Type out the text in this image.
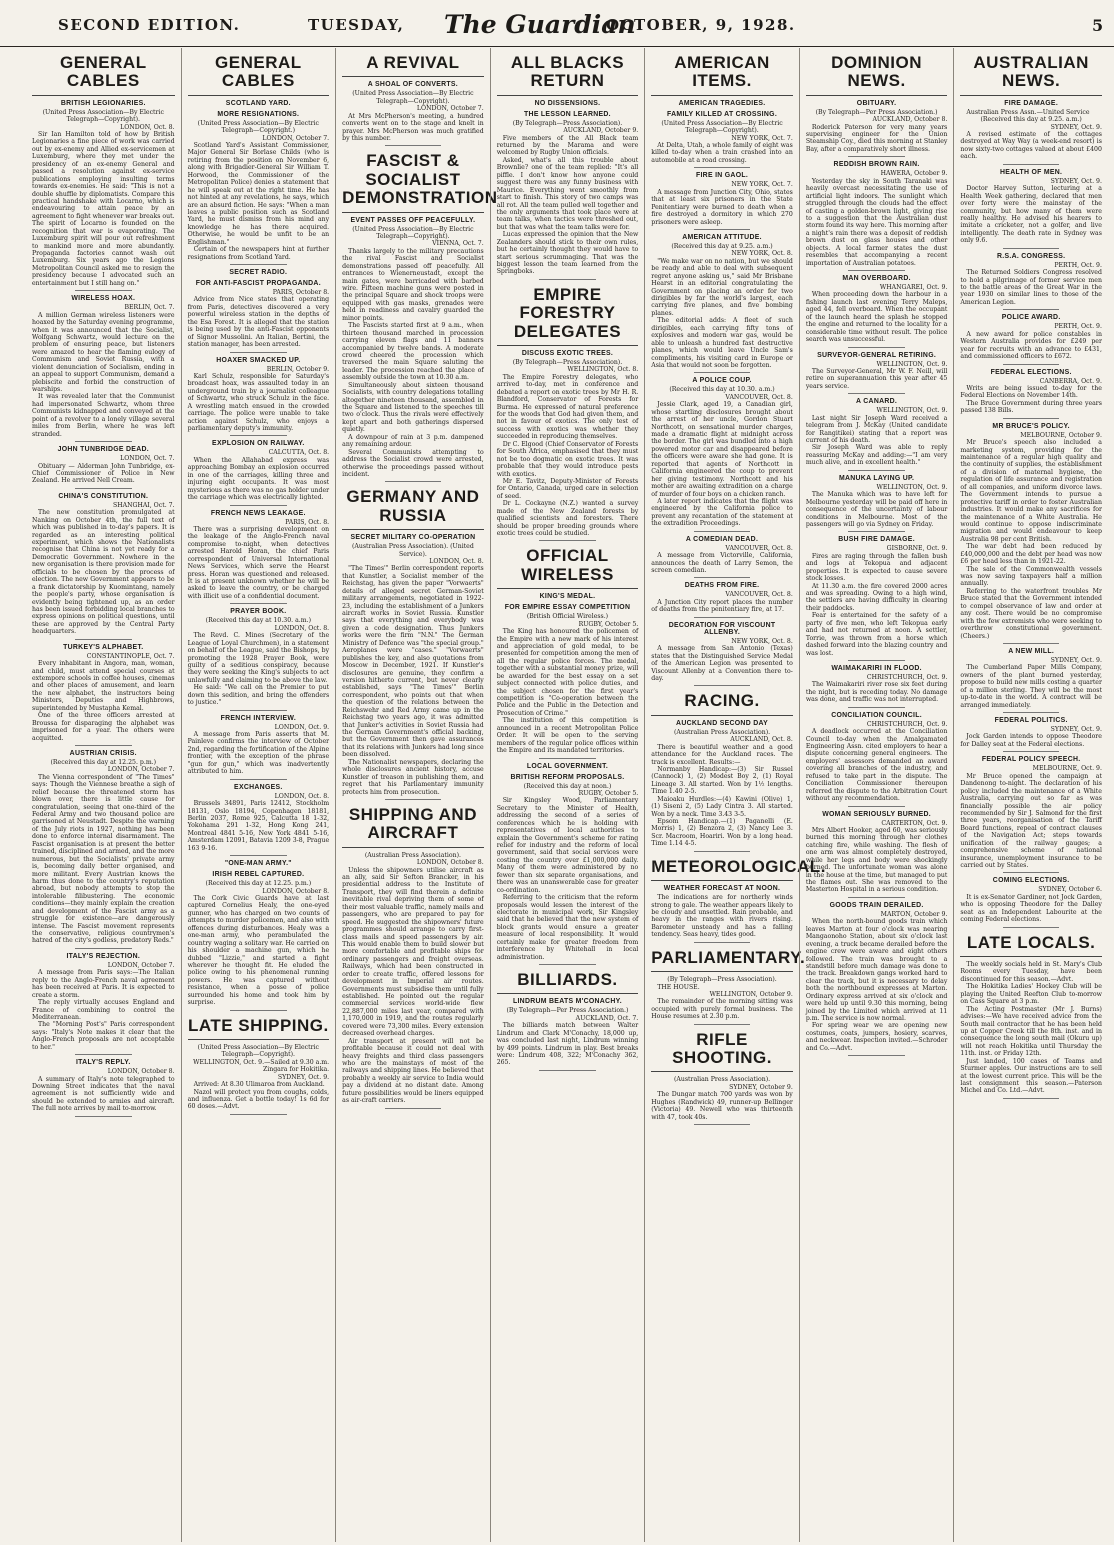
SECOND EDITION.	TUESDAY, The Guardian
OCTOBER, 9, 1928.	5
GENERAL CABLES
BRITISH LEGIONARIES.

(United Press Association—By Electric Telegraph—Copyright).

LONDON, Oct. 8.

Sir Ian Hamilton told of how by British Legionaries a fine piece of work was carried out by ex-enemy and Allied ex-servicemen at Luxemburg, where they met under the presidency of an ex-enemy General and passed a resolution against ex-service publications employing insulting terms towards ex-enemies. He said: "This is not a double shuffle by diplomatists. Compare this practical handshake with Locarno, which is endeavouring to attain peace by an agreement to fight whenever war breaks out. The spirit of Locarno is founded on the recognition that war is evaporating. The Luxemburg spirit will pour out refreshment to mankind more and more abundantly. Propaganda factories cannot wash out Luxemburg. Six years ago the Legions Metropolitan Council asked me to resign the presidency because I advocated such an entertainment but I still hang on."

WIRELESS HOAX.

BERLIN, Oct. 7.

A million German wireless listeners were hoaxed by the Saturday evening programme, when it was announced that the Socialist, Wolfgang Schwartz, would lecture on the problem of ensuring peace, but listeners were amazed to hear the flaming eulogy of Communism and Soviet Russia, with a violent denunciation of Socialism, ending in an appeal to support Communism, demand a plebiscite and forbid the construction of warships.

It was revealed later that the Communist had impersonated Schwartz, whom three Communists kidnapped and conveyed at the point of a revolver to a lonely village several miles from Berlin, where he was left stranded.

JOHN TUNBRIDGE DEAD.

LONDON, Oct. 7.

Obituary — Alderman John Tunbridge, ex-Chief Commissioner of Police in New Zealand. He arrived Nell Cream.

CHINA'S CONSTITUTION.

SHANGHAI, Oct. 7.

The new constitution promulgated at Nanking on October 4th, the full text of which was published in to-day's papers. It is regarded as an interesting political experiment, which shows the Nationalists recognise that China is not yet ready for a Democratic Government. Nowhere in the new organisation is there provision made for officials to be chosen by the process of election. The new Government appears to be a frank dictatorship by Kuomintang, namely the people's party, whose organisation is evidently being tightened up, as an order has been issued forbidding local branches to express opinions on political questions, until these are approved by the Central Party headquarters.

TURKEY'S ALPHABET.

CONSTANTINOPLE, Oct. 7.

Every inhabitant in Angora, man, woman, and child, must attend special courses at extempore schools in coffee houses, cinemas and other places of amusement, and learn the new alphabet, the instructors being Ministers, Deputies and Highbrows, superintended by Mustapha Kemal.

One of the three officers arrested at Broussa for disparaging the alphabet was imprisoned for a year. The others were acquitted.

AUSTRIAN CRISIS.

(Received this day at 12.25. p.m.)

LONDON, October 7.

The Vienna correspondent of "The Times" says: Though the Viennese breathe a sigh of relief because the threatened storm has blown over, there is little cause for congratulation, seeing that one-third of the Federal Army and two thousand police are garrisoned at Neustadt. Despite the warning of the July riots in 1927, nothing has been done to enforce internal disarmament. The Fascist organisation is at present the better trained, disciplined and armed, and the more numerous, but the Socialists' private army is, becoming daily better organised, and more militant. Every Austrian knows the harm thus done to the country's reputation abroad, but nobody attempts to stop the intolerable filibustering. The economic conditions—they mainly explain the creation and development of the Fascist army as a struggle for existence—are dangerously intense. The Fascist movement represents the conservative, religious countrymen's hatred of the city's godless, predatory Reds."

ITALY'S REJECTION.

LONDON, October 7.

A message from Paris says:—The Italian reply to the Anglo-French naval agreement has been received at Paris. It is expected to create a storm.

The reply virtually accuses England and France of combining to control the Mediterranean.

The "Morning Post's" Paris correspondent says: "Italy's Note makes it clear that the Anglo-French proposals are not acceptable to her."

ITALY'S REPLY.

LONDON, October 8.

A summary of Italy's note telegraphed to Downing Street indicates that the naval agreement is not sufficiently wide and should be extended to armies and aircraft. The full note arrives by mail to-morrow.

GENERAL CABLES
SCOTLAND YARD.
MORE RESIGNATIONS.

(United Press Association—By Electric Telegraph—Copyright.)

LONDON, October 7.

Scotland Yard's Assistant Commissioner, Major General Sir Borlase Childs (who is retiring from the position on November 6, along with Brigadier-General Sir William T. Horwood, the Commissioner of the Metropolitan Police) denies a statement that he will speak out at the right time. He has not hinted at any revelations, he says, which are an absurd fiction. He says: "When a man leaves a public position such as Scotland Yard, he must dismiss from his mind any knowledge he has there acquired. Otherwise, he would be unfit to be an Englishman."

Certain of the newspapers hint at further resignations from Scotland Yard.

SECRET RADIO.
FOR ANTI-FASCIST PROPAGANDA.

PARIS, October 8.

Advice from Nice states that operating from Paris, detectives discovered a very powerful wireless station in the depths of the Esa Forest. It is alleged that the station is being used by the anti-Fascist opponents of Signor Mussolini. An Italian, Bertini, the station manager, has been arrested.

HOAXER SMACKED UP.

BERLIN, October 9.

Karl Schulz, responsible for Saturday's broadcast hoax, was assaulted today in an underground train by a journalist colleague of Schwartz, who struck Schulz in the face. A wrestling match ensued in the crowded carriage. The police were unable to take action against Schulz, who enjoys a parliamentary deputy's immunity.

EXPLOSION ON RAILWAY.

CALCUTTA, Oct. 8.

When the Allahabad express was approaching Bombay an explosion occurred in one of the carriages, killing three and injuring eight occupants. It was most mysterious as there was no gas holder under the carriage which was electrically lighted.

FRENCH NEWS LEAKAGE.

PARIS, Oct. 8.

There was a surprising development on the leakage of the Anglo-French naval compromise to-night, when detectives arrested Harold Horan, the chief Paris correspondent of Universal International News Services, which serve the Hearst press. Horan was questioned and released. It is at present unknown whether he will be asked to leave the country, or be charged with illicit use of a confidential document.

PRAYER BOOK.

(Received this day at 10.30. a.m.)

LONDON, Oct. 8.

The Revd. C. Mines (Secretary of the League of Loyal Churchmen), in a statement on behalf of the League, said the Bishops, by promoting the 1928 Prayer Book, were guilty of a seditious conspiracy, because they were seeking the King's subjects to act unlawfully and claiming to be above the law.

He said: "We call on the Premier to put down this sedition, and bring the offenders to justice."

FRENCH INTERVIEW.

LONDON, Oct. 9.

A message from Paris asserts that M. Painleve confirms the interview of October 2nd, regarding the fortification of the Alpine frontier, with the exception of the phrase "gun for gun," which was inadvertently attributed to him.

EXCHANGES.

LONDON, Oct. 8.

Brussels 34891, Paris 12412, Stockholm 18131, Oslo 18194, Copenhagen 18181, Berlin 2037, Rome 925, Calcutta 18 1-32, Yokohama 291 1-32, Hong Kong 241, Montreal 4841 5-16, New York 4841 5-16, Amsterdam 12091, Batavia 1209 3-8, Prague 163 9-16.

"ONE-MAN ARMY."
IRISH REBEL CAPTURED.

(Received this day at 12.25. p.m.)

LONDON, October 8.

The Cork Civic Guards have at last captured Cornelius Healy, the one-eyed gunner, who has charged on two counts of attempts to murder policemen, and also with offences during disturbances. Healy was a one-man army, who perambulated the country waging a solitary war. He carried on his shoulder a machine gun, which he dubbed "Lizzie," and started a fight wherever he thought fit. He eluded the police owing to his phenomenal running powers. He was captured without resistance, when a posse of police surrounded his home and took him by surprise.

LATE SHIPPING.

(United Press Association—By Electric Telegraph—Copyright).

WELLINGTON, Oct. 9.—Sailed at 9.30 a.m. Zingara for Hokitika.

SYDNEY, Oct. 9.

Arrived: At 8.30 Ulimaroa from Auckland.

Nazol will protect you from coughs, colds, and influenza. Get a bottle today! 1s 6d for 60 doses.—Advt.

A REVIVAL
A SHOAL OF CONVERTS.

(United Press Association—By Electric Telegraph—Copyright).

LONDON, October 7.

At Mrs McPherson's meeting, a hundred converts went on to the stage and knelt in prayer. Mrs McPherson was much gratified by this number.

FASCIST & SOCIALIST DEMONSTRATION
EVENT PASSES OFF PEACEFULLY.

(United Press Association—By Electric Telegraph—Copyright).

VIENNA, Oct. 7.

Thanks largely to the military precautions the rival Fascist and Socialist demonstrations passed off peacefully. All entrances to Wienerneustadt, except the main gates, were barricaded with barbed wire. Fifteen machine guns were posted in the principal Square and shock troops were equipped with gas masks, grenades were held in readiness and cavalry guarded the minor points.

The Fascists started first at 9 a.m., when thirteen thousand marched in procession carrying eleven flags and 11 banners accompanied by twelve bands. A moderate crowd cheered the procession which traversed the main Square saluting the leader. The procession reached the place of assembly outside the town at 10.30 a.m.

Simultaneously about sixteen thousand Socialists, with country delegations totalling altogether nineteen thousand, assembled in the Square and listened to the speeches till two o'clock. Thus the rivals were effectively kept apart and both gatherings dispersed quietly.

A downpour of rain at 3 p.m. dampened any remaining ardour.

Several Communists attempting to address the Socialist crowd were arrested, otherwise the proceedings passed without incident.

GERMANY AND RUSSIA
SECRET MILITARY CO-OPERATION

(Australian Press Association). (United Service).

LONDON, Oct. 8.

"The Times'" Berlin correspondent reports that Kunstler, a Socialist member of the Reichstag, has given the paper "Vorwaerts" details of alleged secret German-Soviet military arrangements, negotiated in 1922-23, including the establishment of a Junkers aircraft works in Soviet Russia. Kunstler says that everything and everybody was given a code designation. Thus Junkers works were the firm "N.N." The German Ministry of Defence was "the special group." Aeroplanes were "cases." "Vorwaerts" publishes the key, and also quotations from Moscow in December, 1921. If Kunstler's disclosures are genuine, they confirm a version hitherto current, but never clearly established, says "The Times'" Berlin correspondent, who points out that when the question of the relations between the Reichswehr and Red Army came up in the Reichstag two years ago, it was admitted that Junker's activities in Soviet Russia had the German Government's official backing, but the Government then gave assurances that its relations with Junkers had long since been dissolved.

The Nationalist newspapers, declaring the whole disclosures ancient history, accuse Kunstler of treason in publishing them, and regret that his Parliamentary immunity protects him from prosecution.

SHIPPING AND AIRCRAFT

(Australian Press Association).

LONDON, October 8.

Unless the shipowners utilise aircraft as an ally, said Sir Sefton Brancker, in his presidential address to the Institute of Transport, they will find therein a definite inevitable rival depriving them of some of their most valuable traffic, namely mails and passengers, who are prepared to pay for speed. He suggested the shipowners' future programmes should arrange to carry first-class mails and speed passengers by air. This would enable them to build slower but more comfortable and profitable ships for ordinary passengers and freight overseas. Railways, which had been constructed in order to create traffic, offered lessons for development in Imperial air routes. Governments must subsidise them until fully established. He pointed out the regular commercial services world-wide flew 22,887,000 miles last year, compared with 1,170,000 in 1919, and the routes regularly covered were 73,300 miles. Every extension decreased overhead charges.

Air transport at present will not be profitable because it could not deal with heavy freights and third class passengers who are the mainstays of most of the railways and shipping lines. He believed that probably a weekly air service to India would pay a dividend at no distant date. Among future possibilities would be liners equipped as air-craft carriers.

ALL BLACKS RETURN
NO DISSENSIONS.
THE LESSON LEARNED.

(By Telegraph—Press Association).

AUCKLAND, October 9.

Five members of the All Black team returned by the Marama and were welcomed by Rugby Union officials.

Asked, what's all this trouble about Brownlie? one of the team replied: "It's all piffle. I don't know how anyone could suggest there was any funny business with Maurice. Everything went smoothly from start to finish. This story of two camps was all rot. All the team pulled well together and the only arguments that took place were at team talks, when tactics were threshed out, but that was what the team talks were for.

Lucas expressed the opinion that the New Zealanders should stick to their own rules, but he certainly thought they would have to start serious scrummaging. That was the biggest lesson the team learned from the Springboks.

EMPIRE FORESTRY DELEGATES
DISCUSS EXOTIC TREES.

(By Telegraph—Press Association).

WELLINGTON, Oct. 8.

The Empire Forestry delegates, who arrived to-day, met in conference and debated a report on exotic trees by Mr H. R. Blandford, Conservator of Forests for Burma. He expressed of natural preference for the woods that God had given them, and not in favour of exotics. The only test of success with exotics was whether they succeeded in reproducing themselves.

Dr C. Elgood (Chief Conservator of Forests for South Africa, emphasised that they must not be too dogmatic on exotic trees. It was probable that they would introduce pests with exotics.

Mr E. Tavitz, Deputy-Minister of Forests for Ontario, Canada, urged care in selection of seed.

Dr L. Cockayne (N.Z.) wanted a survey made of the New Zealand forests by qualified scientists and foresters. There should be proper breeding grounds where exotic trees could be studied.

OFFICIAL WIRELESS
KING'S MEDAL.
FOR EMPIRE ESSAY COMPETITION

(British Official Wireless.)

RUGBY, October 5.

The King has honoured the policemen of the Empire with a new mark of his interest and appreciation of gold medal, to be presented for competition among the men of all the regular police forces. The medal, together with a substantial money prize, will be awarded for the best essay on a set subject connected with police duties, and the subject chosen for the first year's competition is "Co-operation between the Police and the Public in the Detection and Prosecution of Crime."

The institution of this competition is announced in a recent Metropolitan Police Order. It will be open to the serving members of the regular police offices within the Empire and its mandated territories.

LOCAL GOVERNMENT.
BRITISH REFORM PROPOSALS.

(Received this day at noon.)

RUGBY, October 5.

Sir Kingsley Wood, Parliamentary Secretary to the Minister of Health, addressing the second of a series of conferences which he is holding with representatives of local authorities to explain the Government's scheme for rating relief for industry and the reform of local government, said that social services were costing the country over £1,000,000 daily. Many of them were administered by no fewer than six separate organisations, and there was an unanswerable case for greater co-ordination.

Referring to the criticism that the reform proposals would lessen the interest of the electorate in municipal work, Sir Kingsley said that he believed that the new system of block grants would ensure a greater measure of local responsibility. It would certainly make for greater freedom from interference by Whitehall in local administration.

BILLIARDS.
LINDRUM BEATS M'CONACHY.

(By Telegraph—Per Press Association.)

AUCKLAND, Oct. 7.

The billiards match between Walter Lindrum and Clark M'Conachy, 18,000 up, was concluded last night, Lindrum winning by 499 points. Lindrum in play. Best breaks were: Lindrum 408, 322; M'Conachy 362, 265.

AMERICAN ITEMS.
AMERICAN TRAGEDIES.
FAMILY KILLED AT CROSSING.

(United Press Association—By Electric Telegraph—Copyright).

NEW YORK, Oct. 7.

At Delta, Utah, a whole family of eight was killed to-day when a train crashed into an automobile at a road crossing.

FIRE IN GAOL.

NEW YORK, Oct. 7.

A message from Junction City, Ohio, states that at least six prisoners in the State Penitentiary were burned to death when a fire destroyed a dormitory in which 270 prisoners were asleep.

AMERICAN ATTITUDE.

(Received this day at 9.25. a.m.)

NEW YORK, Oct. 8.

"We make war on no nation, but we should be ready and able to deal with subsequent regret anyone asking us," said Mr Brisbane Hearst in an editorial congratulating the Government on placing an order for two dirigibles by far the world's largest, each carrying five planes, and five bombing planes.

The editorial adds: A fleet of such dirigibles, each carrying fifty tons of explosives and modern war gas, would be able to unleash a hundred fast destructive planes, which would leave Uncle Sam's compliments, his visiting card in Europe or Asia that would not soon be forgotten.

A POLICE COUP.

(Received this day at 10.30. a.m.)

VANCOUVER, Oct. 8.

Jessie Clark, aged 19, a Canadian girl, whose startling disclosures brought about the arrest of her uncle, Gordon Stuart Northcott, on sensational murder charges, made a dramatic flight at midnight across the border. The girl was bundled into a high powered motor car and disappeared before the officers were aware she had gone. It is reported that agents of Northcott in California engineered the coup to prevent her giving testimony. Northcott and his mother are awaiting extradition on a charge of murder of four boys on a chicken ranch.

A later report indicates that the flight was engineered by the California police to prevent any recantation of the statement at the extradition Proceedings.

A COMEDIAN DEAD.

VANCOUVER, Oct. 8.

A message from Victorville, California, announces the death of Larry Semon, the screen comedian.

DEATHS FROM FIRE.

VANCOUVER, Oct. 8.

A Junction City report places the number of deaths from the penitentiary fire, at 17.

DECORATION FOR VISCOUNT ALLENBY.

NEW YORK, Oct. 8.

A message from San Antonio (Texas) states that the Distinguished Service Medal of the American Legion was presented to Viscount Allenby at a Convention there to-day.

RACING.
AUCKLAND SECOND DAY

(Australian Press Association).

AUCKLAND, Oct. 8.

There is beautiful weather and a good attendance for the Auckland races. The track is excellent. Results:—

Normanby Handicap:—(3) Sir Russel (Cannock) 1, (2) Modest Boy 2, (1) Royal Lineage 3. All started. Won by 1½ lengths. Time 1.40 2-5.

Maioaku Hurdles:—(4) Kawini (Olive) 1, (1) Siseni 2, (5) Lady Cintra 3. All started. Won by a neck. Time 3.43 3-5.

Epsom Handicap.—(1) Paganelli (E. Morris) 1, (2) Benzora 2, (3) Nancy Lee 3. Scr. Macroom, Hoariri. Won by a long head. Time 1.14 4-5.

METEOROLOGICAL.
WEATHER FORECAST AT NOON.

The indications are for northerly winds strong to gale. The weather appears likely to be cloudy and unsettled. Rain probable, and heavy in the ranges with rivers rising. Barometer unsteady and has a falling tendency. Seas heavy, tides good.

PARLIAMENTARY.

(By Telegraph—Press Association).

THE HOUSE.

WELLINGTON, October 9.

The remainder of the morning sitting was occupied with purely formal business. The House resumes at 2.30 p.m.

RIFLE SHOOTING.

(Australian Press Association).

SYDNEY, October 9.

The Dungar match 700 yards was won by Hughes (Randwick) 49, runner-up Bellinger (Victoria) 49. Newell who was thirteenth with 47, took 40s.

DOMINION NEWS.
OBITUARY.

(By Telegraph—Per Press Association.)

AUCKLAND, October 8.

Roderick Paterson for very many years supervising engineer for the Union Steamship Coy., died this morning at Stanley Bay, after a comparatively short illness.

REDDISH BROWN RAIN.

HAWERA, October 9.

Yesterday the sky in South Taranaki was heavily overcast necessitating the use of artificial light indoors. The sunlight which struggled through the clouds had the effect of casting a golden-brown light, giving rise to a suggestion that the Australian dust storm found its way here. This morning after a night's rain there was a deposit of reddish brown dust on glass houses and other objects. A local farmer states the dust resembles that accompanying a recent importation of Australian potatoes.

MAN OVERBOARD.

WHANGAREI, Oct. 9.

When proceeding down the harbour in a fishing launch last evening Terry Maleps, aged 44, fell overboard. When the occupant of the launch heard the splash he stopped the engine and returned to the locality for a considerable time without result. The police search was unsuccessful.

SURVEYOR-GENERAL RETIRING.

WELLINGTON, Oct. 9.

The Surveyor-General, Mr W. F. Neill, will retire on superannuation this year after 45 years service.

A CANARD.

WELLINGTON, Oct. 9.

Last night Sir Joseph Ward received a telegram from J. McKay (United candidate for Rangitikei) stating that a report was current of his death.

Sir Joseph Ward was able to reply reassuring McKay and adding:—"I am very much alive, and in excellent health."

MANUKA LAYING UP.

WELLINGTON, Oct. 9.

The Manuka which was to have left for Melbourne yesterday will be paid off here in consequence of the uncertainty of labour conditions in Melbourne. Most of the passengers will go via Sydney on Friday.

BUSH FIRE DAMAGE.

GISBORNE, Oct. 9.

Fires are raging through the fallen bush and logs at Tekopua and adjacent properties. It is expected to cause severe stock losses.

At 11.30 a.m. the fire covered 2000 acres and was spreading. Owing to a high wind, the settlers are having difficulty in clearing their paddocks.

Fear is entertained for the safety of a party of five men, who left Tekopua early and had not returned at noon. A settler, Torrie, was thrown from a horse which dashed forward into the blazing country and was lost.

WAIMAKARIRI IN FLOOD.

CHRISTCHURCH, Oct. 9.

The Waimakariri river rose six feet during the night, but is receding today. No damage was done, and traffic was not interrupted.

CONCILIATION COUNCIL.

CHRISTCHURCH, Oct. 9.

A deadlock occurred at the Conciliation Council to-day when the Amalgamated Engineering Assn. cited employers to hear a dispute concerning general engineers. The employers' assessors demanded an award covering all branches of the industry, and refused to take part in the dispute. The Conciliation Commissioner thereupon referred the dispute to the Arbitration Court without any recommendation.

WOMAN SERIOUSLY BURNED.

CARTERTON, Oct. 9.

Mrs Albert Hooker, aged 60, was seriously burned this morning through her clothes catching fire, while washing. The flesh of one arm was almost completely destroyed, while her legs and body were shockingly burned. The unfortunate woman was alone in the house at the time, but managed to put the flames out. She was removed to the Masterton Hospital in a serious condition.

GOODS TRAIN DERAILED.

MARTON, October 9.

When the north-bound goods train which leaves Marton at four o'clock was nearing Mangaonoho Station, about six o'clock last evening, a truck became derailed before the engine crew were aware and eight others followed. The train was brought to a standstill before much damage was done to the track. Breakdown gangs worked hard to clear the track, but it is necessary to delay both the northbound expresses at Marton. Ordinary express arrived at six o'clock and were held up until 9.30 this morning, being joined by the Limited which arrived at 11 p.m. The service is now normal.

For spring wear we are opening new costumes, coats, jumpers, hosiery, scarves, and neckwear. Inspection invited.—Schroder and Co.—Advt.

AUSTRALIAN NEWS.
FIRE DAMAGE.

Australian Press Assn.—United Service

(Received this day at 9.25. a.m.)

SYDNEY, Oct. 9.

A revised estimate of the cottages destroyed at Way Way (a week-end resort) is now sixty-two cottages valued at about £400 each.

HEALTH OF MEN.

SYDNEY, Oct. 9.

Doctor Harvey Sutton, lecturing at a Health Week gathering, declared that men over forty were the mainstay of the community, but how many of them were really healthy. He advised his hearers to imitate a cricketer, not a golfer, and live intelligently. The death rate in Sydney was only 9.6.

R.S.A. CONGRESS.

PERTH, Oct. 9.

The Returned Soldiers Congress resolved to hold a pilgrimage of former service men to the battle areas of the Great War in the year 1930 on similar lines to those of the American Legion.

POLICE AWARD.

PERTH, Oct. 9.

A new award for police constables in Western Australia provides for £249 per year for recruits with an advance to £431, and commissioned officers to £672.

FEDERAL ELECTIONS.

CANBERRA, Oct. 9.

Writs are being issued to-day for the Federal Elections on November 14th.

The Bruce Government during three years passed 138 Bills.

MR BRUCE'S POLICY.

MELBOURNE, October 9.

Mr Bruce's speech also included a marketing system, providing for the maintenance of a regular high quality and the continuity of supplies, the establishment of a division of maternal hygiene, the regulation of life assurance and registration of all companies, and uniform divorce laws. The Government intends to pursue a protective tariff in order to foster Australian industries. It would make any sacrifices for the maintenance of a White Australia. He would continue to oppose indiscriminate migration and would endeavour to keep Australia 98 per cent British.

The war debt had been reduced by £40,000,000 and the debt per head was now £6 per head less than in 1921-22.

The sale of the Commonwealth vessels was now saving taxpayers half a million annually.

Referring to the waterfront troubles Mr Bruce stated that the Government intended to compel observance of law and order at any cost. There would be no compromise with the few extremists who were seeking to overthrow constitutional government. (Cheers.)

A NEW MILL.

SYDNEY, Oct. 9.

The Cumberland Paper Mills Company, owners of the plant burned yesterday, propose to build new mills costing a quarter of a million sterling. They will be the most up-to-date in the world. A contract will be arranged immediately.

FEDERAL POLITICS.

SYDNEY, Oct. 9.

Jock Garden intends to oppose Theodore for Dalley seat at the Federal elections.

FEDERAL POLICY SPEECH.

MELBOURNE, Oct. 9.

Mr Bruce opened the campaign at Dandenong to-night. The declaration of his policy included the maintenance of a White Australia, carrying out so far as was financially possible the air policy recommended by Sir J. Salmond for the first three years, reorganisation of the Tariff Board functions, repeal of contract clauses of the Navigation Act; steps towards unification of the railway gauges; a comprehensive scheme of national insurance, unemployment insurance to be carried out by States.

COMING ELECTIONS.

SYDNEY, October 6.

It is ex-Senator Gardiner, not Jock Garden, who is opposing Theodore for the Dalley seat as an Independent Labourite at the coming Federal elections.

LATE LOCALS.

The weekly socials held in St. Mary's Club Rooms every Tuesday, have been discontinued for this season.—Advt.

The Hokitika Ladies' Hockey Club will be playing the United Reefton Club to-morrow on Cass Square at 3 p.m.

The Acting Postmaster (Mr J. Burns) advises:—We have received advice from the South mail contractor that he has been held up at Copper Creek till the 8th. inst. and in consequence the long south mail (Okuru up) will not reach Hokitika until Thursday the 11th. inst. or Friday 12th.

Just landed, 100 cases of Teams and Sturmer apples. Our instructions are to sell at the lowest current price. This will be the last consignment this season.—Paterson Michel and Co. Ltd.—Advt.
